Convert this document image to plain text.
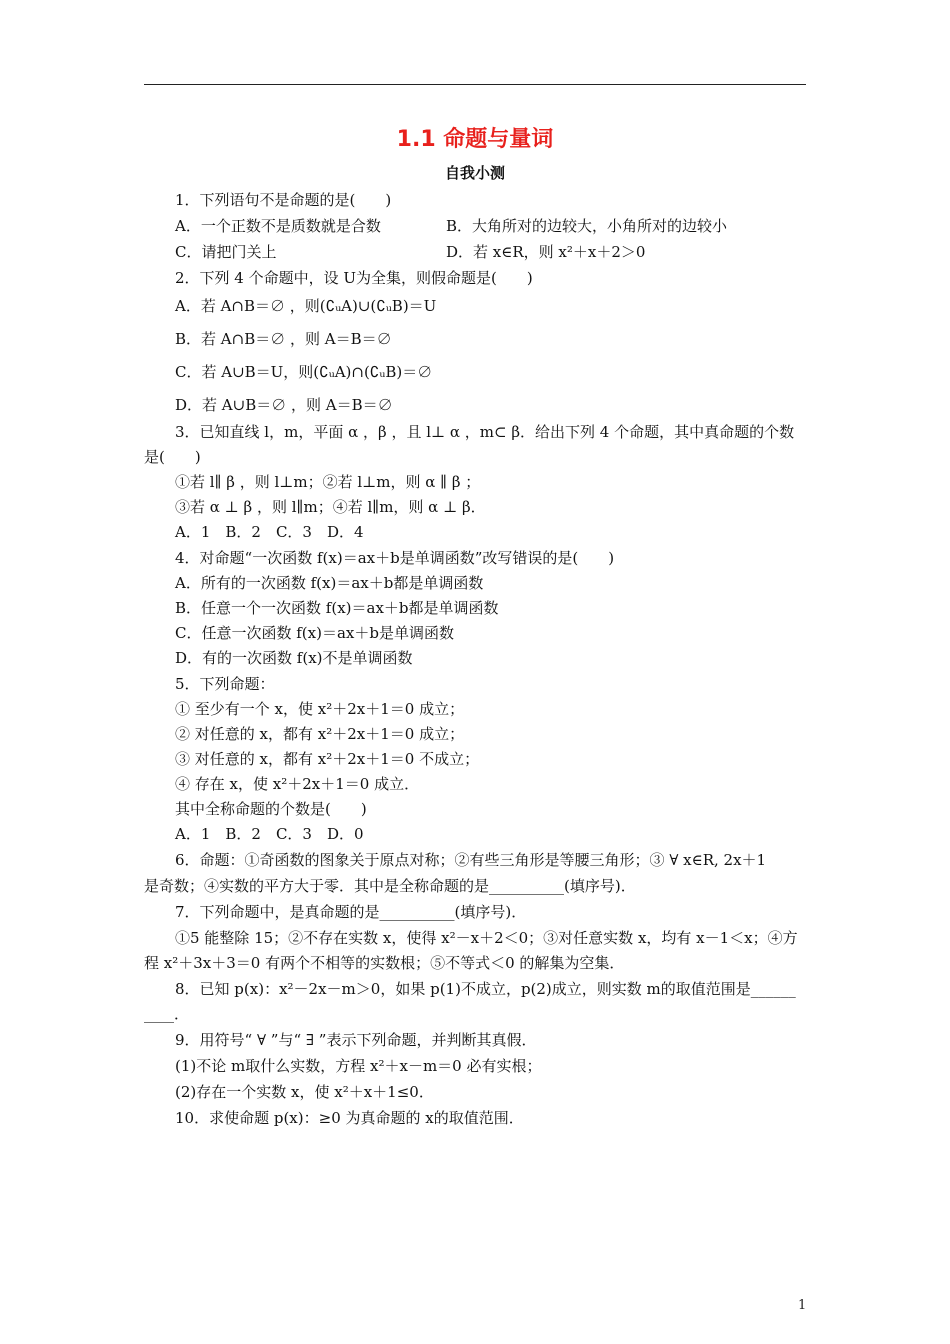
1.1 命题与量词
自我小测
1．下列语句不是命题的是(　　)
A．一个正数不是质数就是合数	B．大角所对的边较大，小角所对的边较小
C．请把门关上	D．若 x∈R，则 x²＋x＋2＞0
2．下列 4 个命题中，设 U为全集，则假命题是(　　)
A．若 A∩B＝∅ ，则(∁ᵤA)∪(∁ᵤB)＝U
B．若 A∩B＝∅ ，则 A＝B＝∅
C．若 A∪B＝U，则(∁ᵤA)∩(∁ᵤB)＝∅
D．若 A∪B＝∅ ，则 A＝B＝∅
3．已知直线 l，m，平面 α ，β ，且 l⊥ α ，m⊂ β．给出下列 4 个命题，其中真命题的个数
是(　　)
①若 l∥ β ，则 l⊥m；②若 l⊥m，则 α ∥ β ；
③若 α ⊥ β ，则 l∥m；④若 l∥m，则 α ⊥ β．
A．1　B．2　C．3　D．4
4．对命题“一次函数 f(x)＝ax＋b是单调函数”改写错误的是(　　)
A．所有的一次函数 f(x)＝ax＋b都是单调函数
B．任意一个一次函数 f(x)＝ax＋b都是单调函数
C．任意一次函数 f(x)＝ax＋b是单调函数
D．有的一次函数 f(x)不是单调函数
5．下列命题：
① 至少有一个 x，使 x²＋2x＋1＝0 成立；
② 对任意的 x，都有 x²＋2x＋1＝0 成立；
③ 对任意的 x，都有 x²＋2x＋1＝0 不成立；
④ 存在 x，使 x²＋2x＋1＝0 成立．
其中全称命题的个数是(　　)
A．1　B．2　C．3　D．0
6．命题：①奇函数的图象关于原点对称；②有些三角形是等腰三角形；③ ∀ x∈R, 2x＋1
是奇数；④实数的平方大于零．其中是全称命题的是__________(填序号)．
7．下列命题中，是真命题的是__________(填序号)．
①5 能整除 15；②不存在实数 x，使得 x²－x＋2＜0；③对任意实数 x，均有 x－1＜x；④方
程 x²＋3x＋3＝0 有两个不相等的实数根；⑤不等式＜0 的解集为空集．
8．已知 p(x)：x²－2x－m＞0，如果 p(1)不成立，p(2)成立，则实数 m的取值范围是______
____．
9．用符号“ ∀ ”与“ ∃ ”表示下列命题，并判断其真假．
(1)不论 m取什么实数，方程 x²＋x－m＝0 必有实根；
(2)存在一个实数 x，使 x²＋x＋1≤0．
10．求使命题 p(x)：≥0 为真命题的 x的取值范围．
1
